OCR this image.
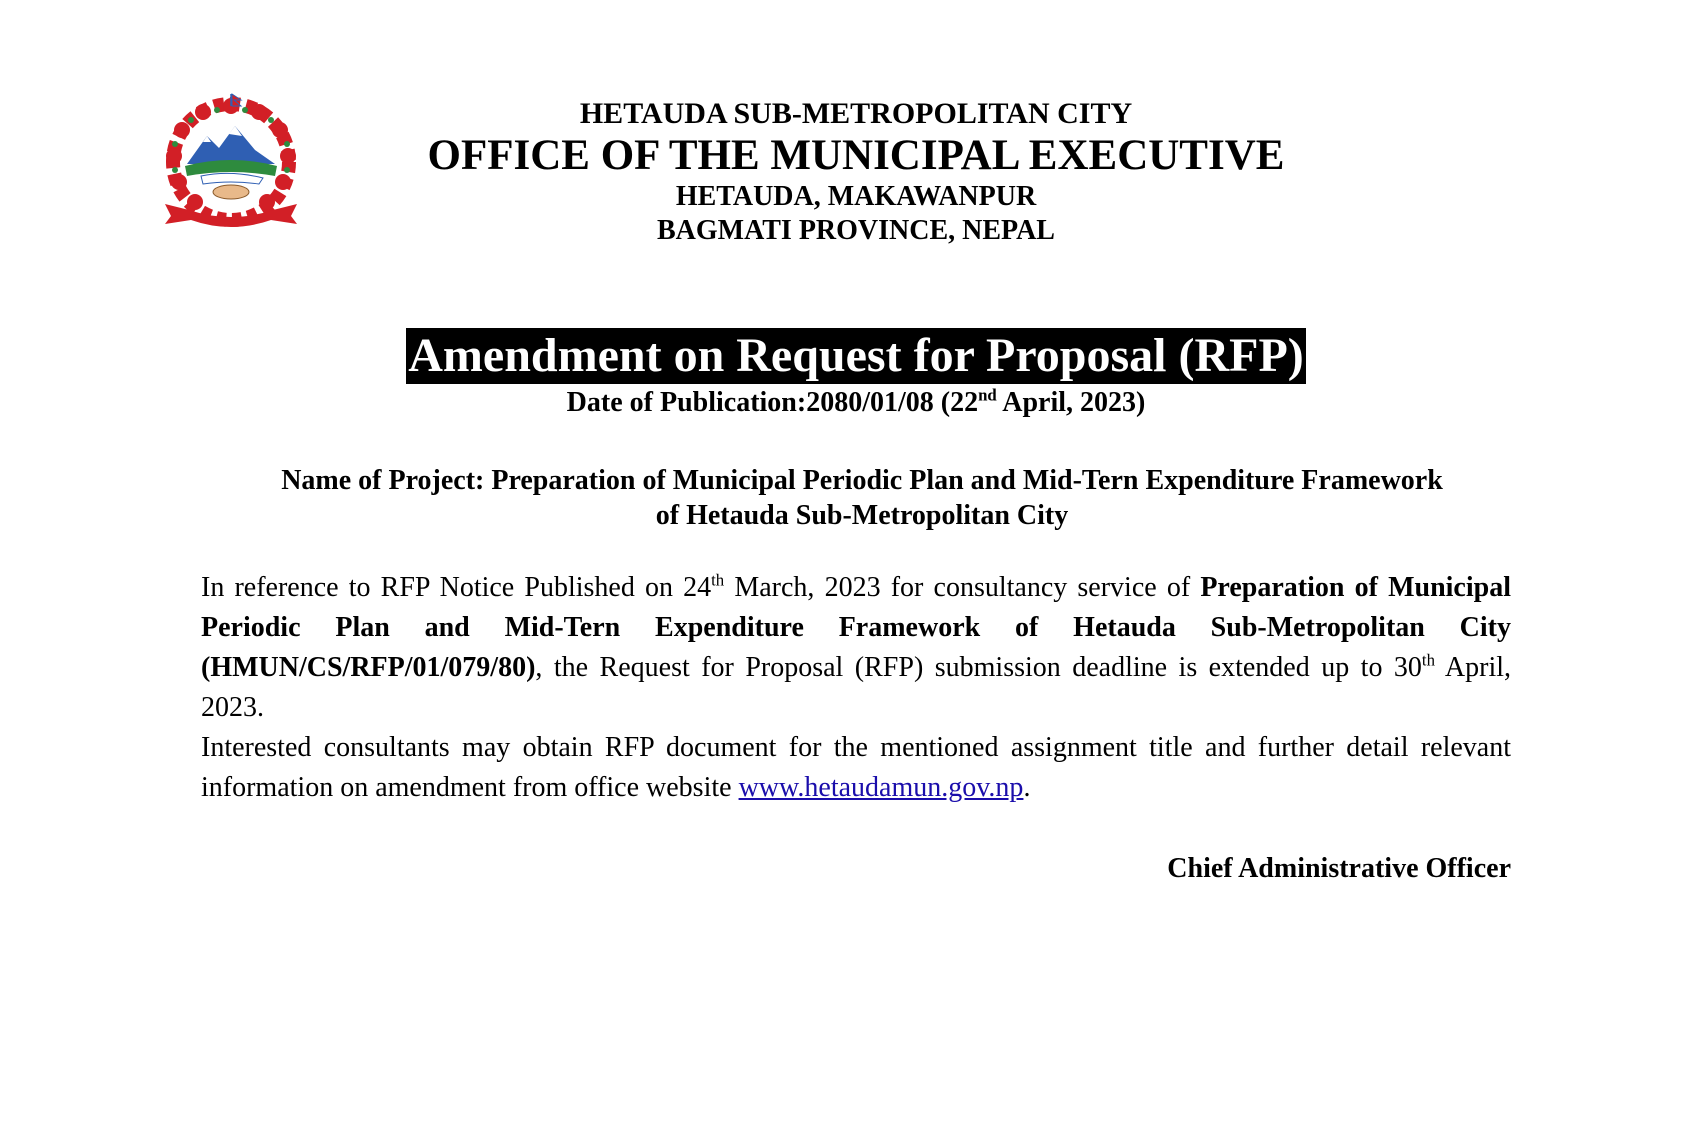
HETAUDA SUB-METROPOLITAN CITY
OFFICE OF THE MUNICIPAL EXECUTIVE
HETAUDA, MAKAWANPUR
BAGMATI PROVINCE, NEPAL
Amendment on Request for Proposal (RFP)
Date of Publication:2080/01/08 (22nd April, 2023)
Name of Project: Preparation of Municipal Periodic Plan and Mid-Tern Expenditure Framework
of Hetauda Sub-Metropolitan City

In reference to RFP Notice Published on 24th March, 2023 for consultancy service of Preparation of Municipal Periodic Plan and Mid-Tern Expenditure Framework of Hetauda Sub-Metropolitan City (HMUN/CS/RFP/01/079/80), the Request for Proposal (RFP) submission deadline is extended up to 30th April, 2023.

Interested consultants may obtain RFP document for the mentioned assignment title and further detail relevant information on amendment from office website www.hetaudamun.gov.np.

Chief Administrative Officer
